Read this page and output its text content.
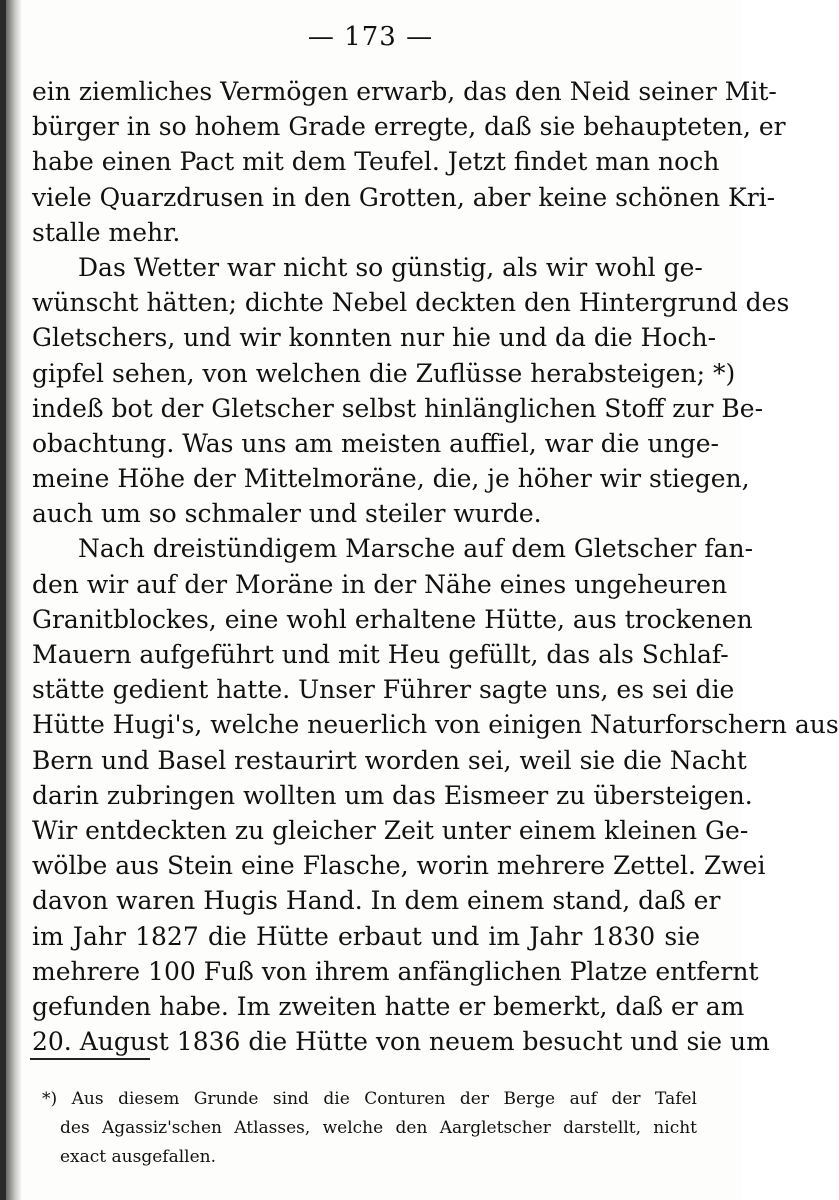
— 173 —

ein ziemliches Vermögen erwarb, das den Neid seiner Mit-
bürger in so hohem Grade erregte, daß sie behaupteten, er
habe einen Pact mit dem Teufel. Jetzt findet man noch
viele Quarzdrusen in den Grotten, aber keine schönen Kri-
stalle mehr.
Das Wetter war nicht so günstig, als wir wohl ge-
wünscht hätten; dichte Nebel deckten den Hintergrund des
Gletschers, und wir konnten nur hie und da die Hoch-
gipfel sehen, von welchen die Zuflüsse herabsteigen; *)
indeß bot der Gletscher selbst hinlänglichen Stoff zur Be-
obachtung. Was uns am meisten auffiel, war die unge-
meine Höhe der Mittelmoräne, die, je höher wir stiegen,
auch um so schmaler und steiler wurde.
Nach dreistündigem Marsche auf dem Gletscher fan-
den wir auf der Moräne in der Nähe eines ungeheuren
Granitblockes, eine wohl erhaltene Hütte, aus trockenen
Mauern aufgeführt und mit Heu gefüllt, das als Schlaf-
stätte gedient hatte. Unser Führer sagte uns, es sei die
Hütte Hugi's, welche neuerlich von einigen Naturforschern aus
Bern und Basel restaurirt worden sei, weil sie die Nacht
darin zubringen wollten um das Eismeer zu übersteigen.
Wir entdeckten zu gleicher Zeit unter einem kleinen Ge-
wölbe aus Stein eine Flasche, worin mehrere Zettel. Zwei
davon waren Hugis Hand. In dem einem stand, daß er
im Jahr 1827 die Hütte erbaut und im Jahr 1830 sie
mehrere 100 Fuß von ihrem anfänglichen Platze entfernt
gefunden habe. Im zweiten hatte er bemerkt, daß er am
20. August 1836 die Hütte von neuem besucht und sie um
*) Aus diesem Grunde sind die Conturen der Berge auf der Tafel
des Agassiz'schen Atlasses, welche den Aargletscher darstellt, nicht
exact ausgefallen.
